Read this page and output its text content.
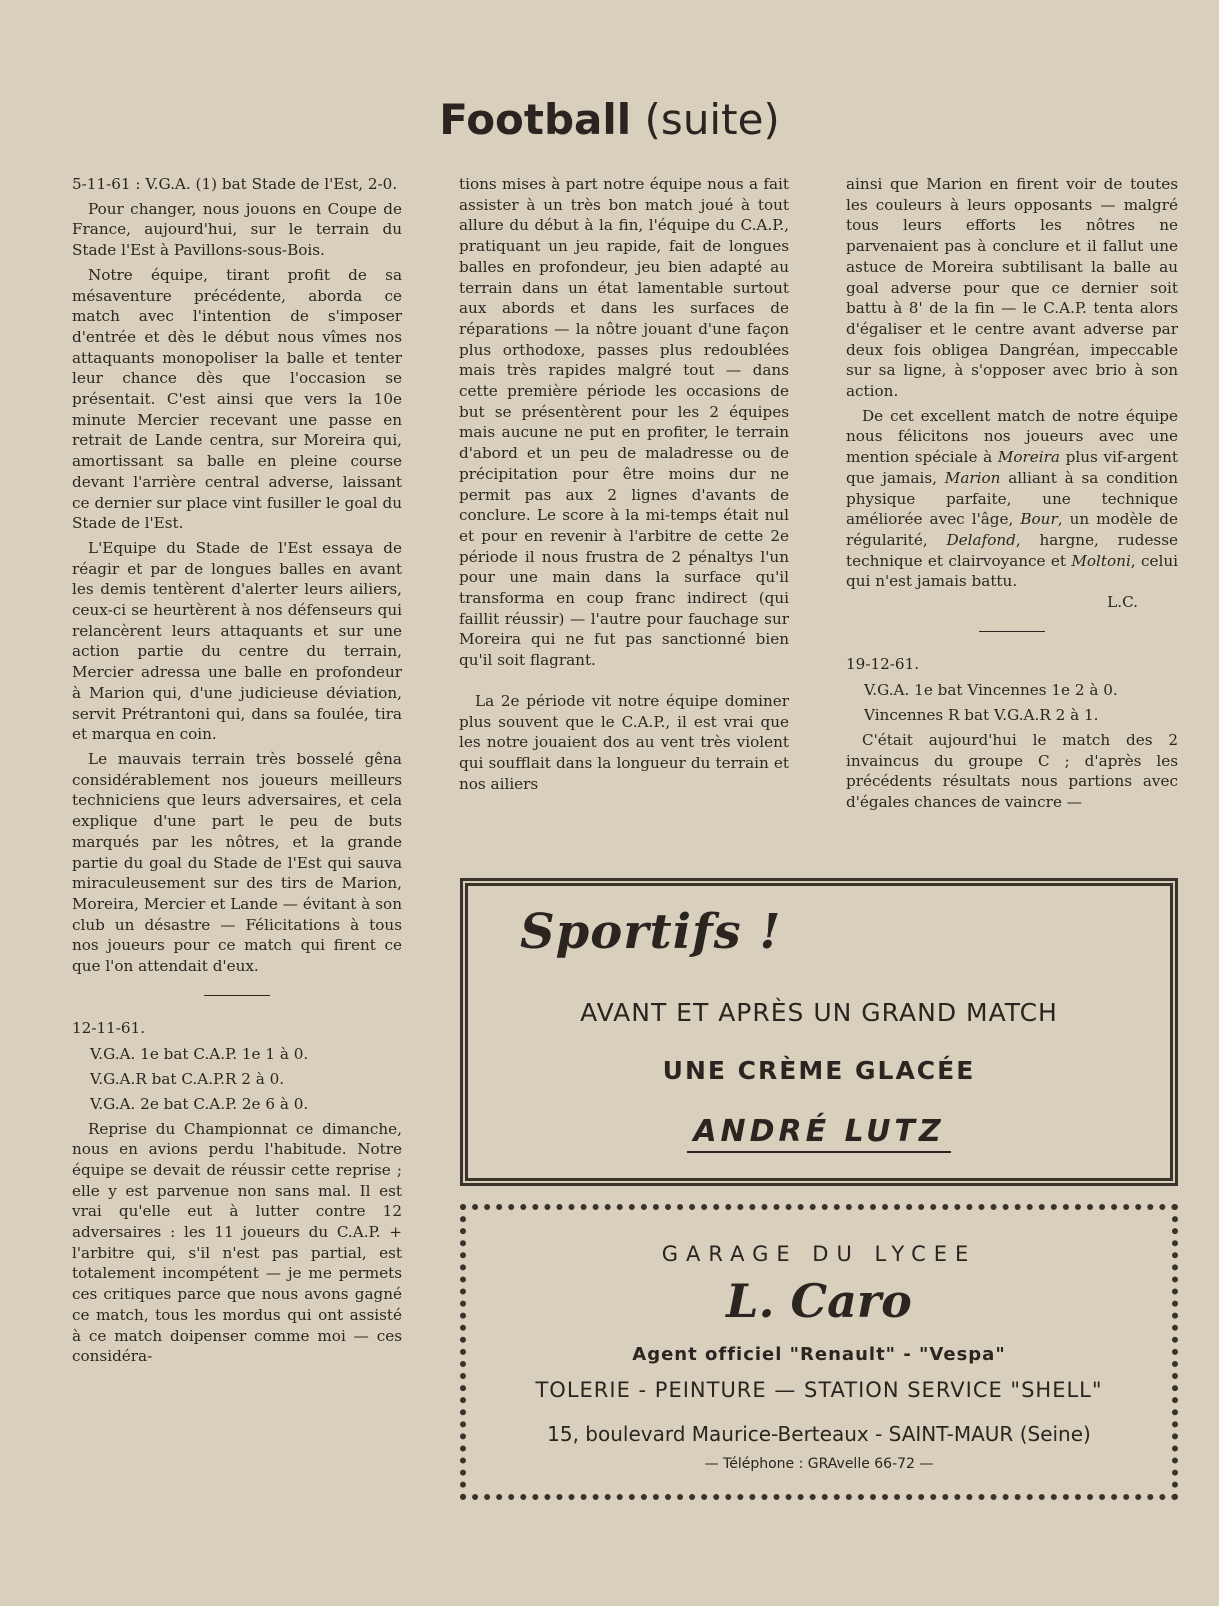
Football (suite)

5-11-61 : V.G.A. (1) bat Stade de l'Est, 2-0.

Pour changer, nous jouons en Coupe de France, aujourd'hui, sur le terrain du Stade l'Est à Pavillons-sous-Bois.

Notre équipe, tirant profit de sa mésaventure précédente, aborda ce match avec l'intention de s'imposer d'entrée et dès le début nous vîmes nos attaquants monopoliser la balle et tenter leur chance dès que l'occasion se présentait. C'est ainsi que vers la 10e minute Mercier recevant une passe en retrait de Lande centra, sur Moreira qui, amortissant sa balle en pleine course devant l'arrière central adverse, laissant ce dernier sur place vint fusiller le goal du Stade de l'Est.

L'Equipe du Stade de l'Est essaya de réagir et par de longues balles en avant les demis tentèrent d'alerter leurs ailiers, ceux-ci se heurtèrent à nos défenseurs qui relancèrent leurs attaquants et sur une action partie du centre du terrain, Mercier adressa une balle en profondeur à Marion qui, d'une judicieuse déviation, servit Prétrantoni qui, dans sa foulée, tira et marqua en coin.

Le mauvais terrain très bosselé gêna considérablement nos joueurs meilleurs techniciens que leurs adversaires, et cela explique d'une part le peu de buts marqués par les nôtres, et la grande partie du goal du Stade de l'Est qui sauva miraculeusement sur des tirs de Marion, Moreira, Mercier et Lande — évitant à son club un désastre — Félicitations à tous nos joueurs pour ce match qui firent ce que l'on attendait d'eux.

12-11-61.

V.G.A. 1e bat C.A.P. 1e 1 à 0.

V.G.A.R bat C.A.P.R 2 à 0.

V.G.A. 2e bat C.A.P. 2e 6 à 0.

Reprise du Championnat ce dimanche, nous en avions perdu l'habitude. Notre équipe se devait de réussir cette reprise ; elle y est parvenue non sans mal. Il est vrai qu'elle eut à lutter contre 12 adversaires : les 11 joueurs du C.A.P. + l'arbitre qui, s'il n'est pas partial, est totalement incompétent — je me permets ces critiques parce que nous avons gagné ce match, tous les mordus qui ont assisté à ce match doipenser comme moi — ces considéra-

tions mises à part notre équipe nous a fait assister à un très bon match joué à tout allure du début à la fin, l'équipe du C.A.P., pratiquant un jeu rapide, fait de longues balles en profondeur, jeu bien adapté au terrain dans un état lamentable surtout aux abords et dans les surfaces de réparations — la nôtre jouant d'une façon plus orthodoxe, passes plus redoublées mais très rapides malgré tout — dans cette première période les occasions de but se présentèrent pour les 2 équipes mais aucune ne put en profiter, le terrain d'abord et un peu de maladresse ou de précipitation pour être moins dur ne permit pas aux 2 lignes d'avants de conclure. Le score à la mi-temps était nul et pour en revenir à l'arbitre de cette 2e période il nous frustra de 2 pénaltys l'un pour une main dans la surface qu'il transforma en coup franc indirect (qui faillit réussir) — l'autre pour fauchage sur Moreira qui ne fut pas sanctionné bien qu'il soit flagrant.

La 2e période vit notre équipe dominer plus souvent que le C.A.P., il est vrai que les notre jouaient dos au vent très violent qui soufflait dans la longueur du terrain et nos ailiers

ainsi que Marion en firent voir de toutes les couleurs à leurs opposants — malgré tous leurs efforts les nôtres ne parvenaient pas à conclure et il fallut une astuce de Moreira subtilisant la balle au goal adverse pour que ce dernier soit battu à 8' de la fin — le C.A.P. tenta alors d'égaliser et le centre avant adverse par deux fois obligea Dangréan, impeccable sur sa ligne, à s'opposer avec brio à son action.

De cet excellent match de notre équipe nous félicitons nos joueurs avec une mention spéciale à Moreira plus vif-argent que jamais, Marion alliant à sa condition physique parfaite, une technique améliorée avec l'âge, Bour, un modèle de régularité, Delafond, hargne, rudesse technique et clairvoyance et Moltoni, celui qui n'est jamais battu.

L.C.

19-12-61.

V.G.A. 1e bat Vincennes 1e 2 à 0.

Vincennes R bat V.G.A.R 2 à 1.

C'était aujourd'hui le match des 2 invaincus du groupe C ; d'après les précédents résultats nous partions avec d'égales chances de vaincre —

Sportifs !
AVANT ET APRÈS UN GRAND MATCH
UNE CRÈME GLACÉE
ANDRÉ LUTZ
GARAGE DU LYCEE
L. Caro
Agent officiel "Renault" - "Vespa"
TOLERIE - PEINTURE — STATION SERVICE "SHELL"
15, boulevard Maurice-Berteaux - SAINT-MAUR (Seine)
— Téléphone : GRAvelle 66-72 —
